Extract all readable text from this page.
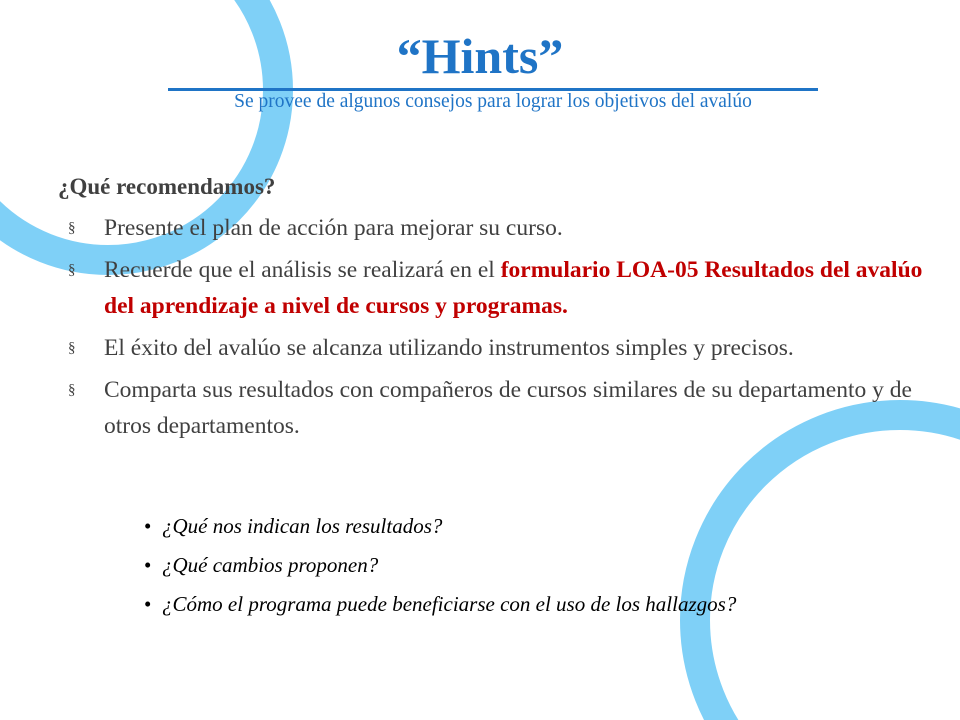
“Hints”
Se provee de algunos consejos para lograr los objetivos del avalúo
¿Qué recomendamos?
§ Presente el plan de acción para mejorar su curso.
§ Recuerde que el análisis se realizará en el formulario LOA-05 Resultados del avalúo del aprendizaje a nivel de cursos y programas.
§ El éxito del avalúo se alcanza utilizando instrumentos simples y precisos.
§ Comparta sus resultados con compañeros de cursos similares de su departamento y de otros departamentos.
• ¿Qué nos indican los resultados?
• ¿Qué cambios proponen?
• ¿Cómo el programa puede beneficiarse con el uso de los hallazgos?
